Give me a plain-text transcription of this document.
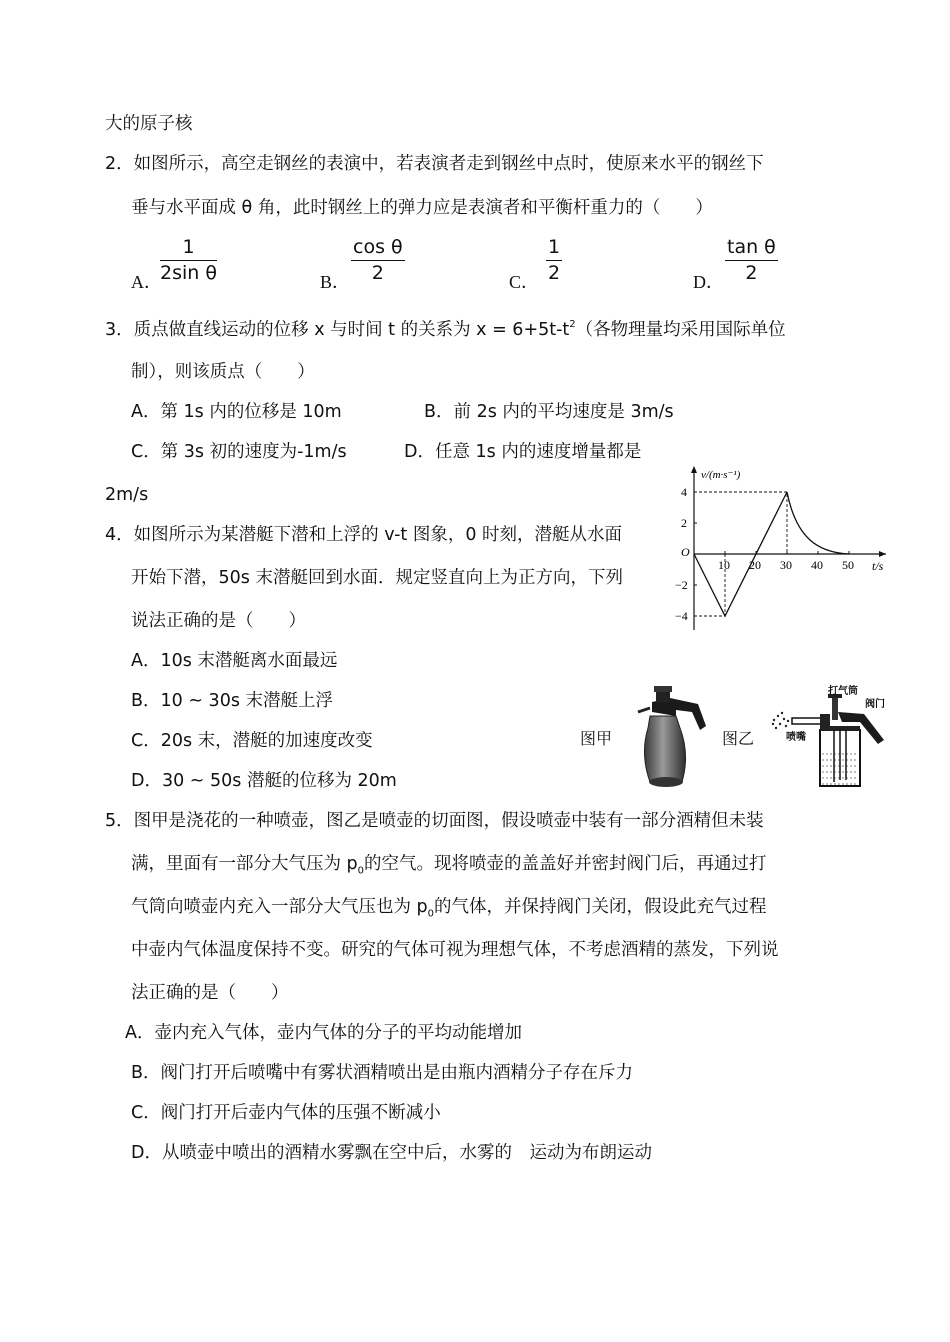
大的原子核
2．如图所示，高空走钢丝的表演中，若表演者走到钢丝中点时，使原来水平的钢丝下
垂与水平面成 θ 角，此时钢丝上的弹力应是表演者和平衡杆重力的（　　）
A．
$\frac{1}{\text{2sin θ}}$	B． $\frac{\text{cos θ}}{2}$	C． $\frac{1}{2}$	D． $\frac{\text{tan θ}}{2}$
3．质点做直线运动的位移 x 与时间 t 的关系为 $x = 6+5t-t^2$（各物理量均采用国际单位
制），则该质点（　　）
A．第 1s 内的位移是 10m	B．前 2s 内的平均速度是 3m/s
C．第 3s 初的速度为-1m/s	D．任意 1s 内的速度增量都是
2m/s
4．如图所示为某潜艇下潜和上浮的 v-t 图象，0 时刻，潜艇从水面
开始下潜，50s 末潜艇回到水面．规定竖直向上为正方向，下列
说法正确的是（　　）
A．10s 末潜艇离水面最远
B．10 ~ 30s 末潜艇上浮
C．20s 末，潜艇的加速度改变
D．30 ~ 50s 潜艇的位移为 20m
v/(m·s⁻¹)
t/s
O
10 20 30 40 50
4
2
−2
−4
图甲	图乙
打气筒
阀门
喷嘴
5．图甲是浇花的一种喷壶，图乙是喷壶的切面图，假设喷壶中装有一部分酒精但未装
满，里面有一部分大气压为 $p_0$的空气。现将喷壶的盖盖好并密封阀门后，再通过打
气筒向喷壶内充入一部分大气压也为 $p_0$的气体，并保持阀门关闭，假设此充气过程
中壶内气体温度保持不变。研究的气体可视为理想气体，不考虑酒精的蒸发，下列说
法正确的是（　　）
A．壶内充入气体，壶内气体的分子的平均动能增加
B．阀门打开后喷嘴中有雾状酒精喷出是由瓶内酒精分子存在斥力
C．阀门打开后壶内气体的压强不断减小
D．从喷壶中喷出的酒精水雾飘在空中后，水雾的　运动为布朗运动
